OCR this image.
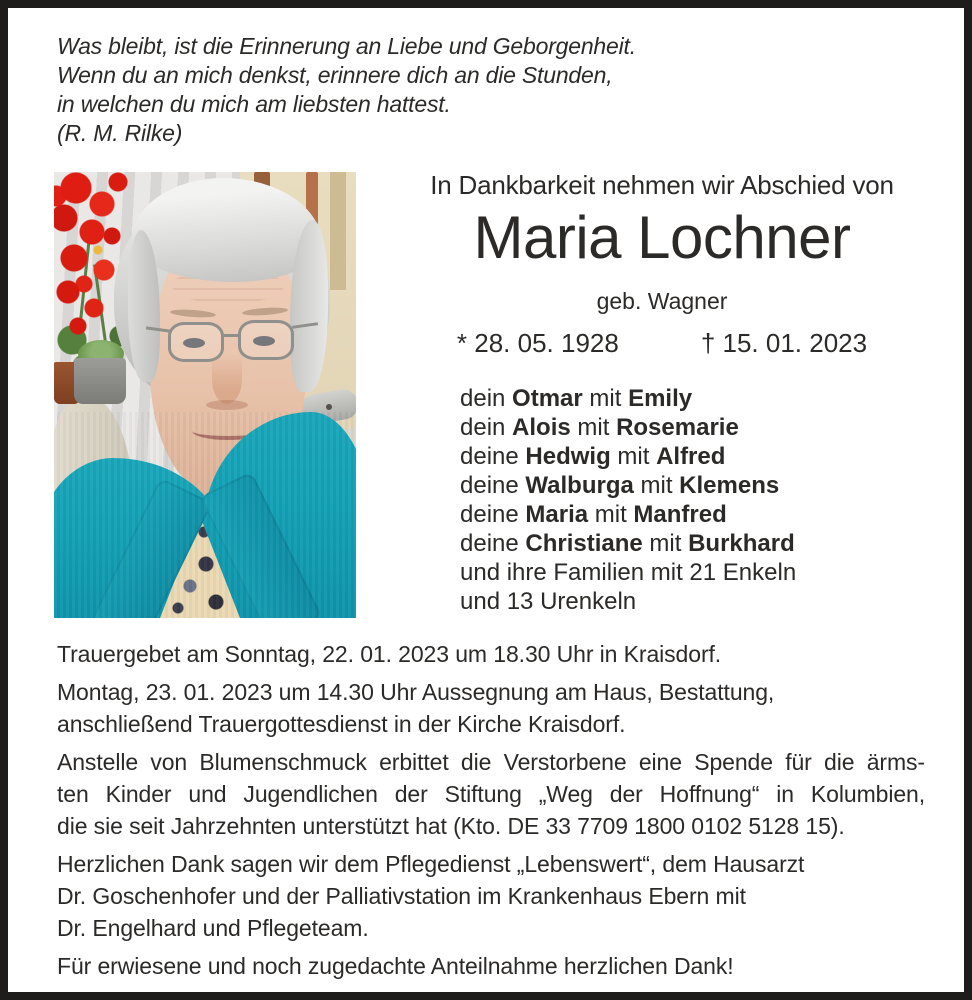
Was bleibt, ist die Erinnerung an Liebe und Geborgenheit.
Wenn du an mich denkst, erinnere dich an die Stunden,
in welchen du mich am liebsten hattest.
(R. M. Rilke)
In Dankbarkeit nehmen wir Abschied von
Maria Lochner
geb. Wagner
* 28. 05. 1928	† 15. 01. 2023
dein Otmar mit Emily
dein Alois mit Rosemarie
deine Hedwig mit Alfred
deine Walburga mit Klemens
deine Maria mit Manfred
deine Christiane mit Burkhard
und ihre Familien mit 21 Enkeln
und 13 Urenkeln
Trauergebet am Sonntag, 22. 01. 2023 um 18.30 Uhr in Kraisdorf.
Montag, 23. 01. 2023 um 14.30 Uhr Aussegnung am Haus, Bestattung,
anschließend Trauergottesdienst in der Kirche Kraisdorf.
Anstelle von Blumenschmuck erbittet die Verstorbene eine Spende für die ärms-
ten Kinder und Jugendlichen der Stiftung „Weg der Hoffnung“ in Kolumbien,
die sie seit Jahrzehnten unterstützt hat (Kto. DE 33 7709 1800 0102 5128 15).
Herzlichen Dank sagen wir dem Pflegedienst „Lebenswert“, dem Hausarzt
Dr. Goschenhofer und der Palliativstation im Krankenhaus Ebern mit
Dr. Engelhard und Pflegeteam.
Für erwiesene und noch zugedachte Anteilnahme herzlichen Dank!
